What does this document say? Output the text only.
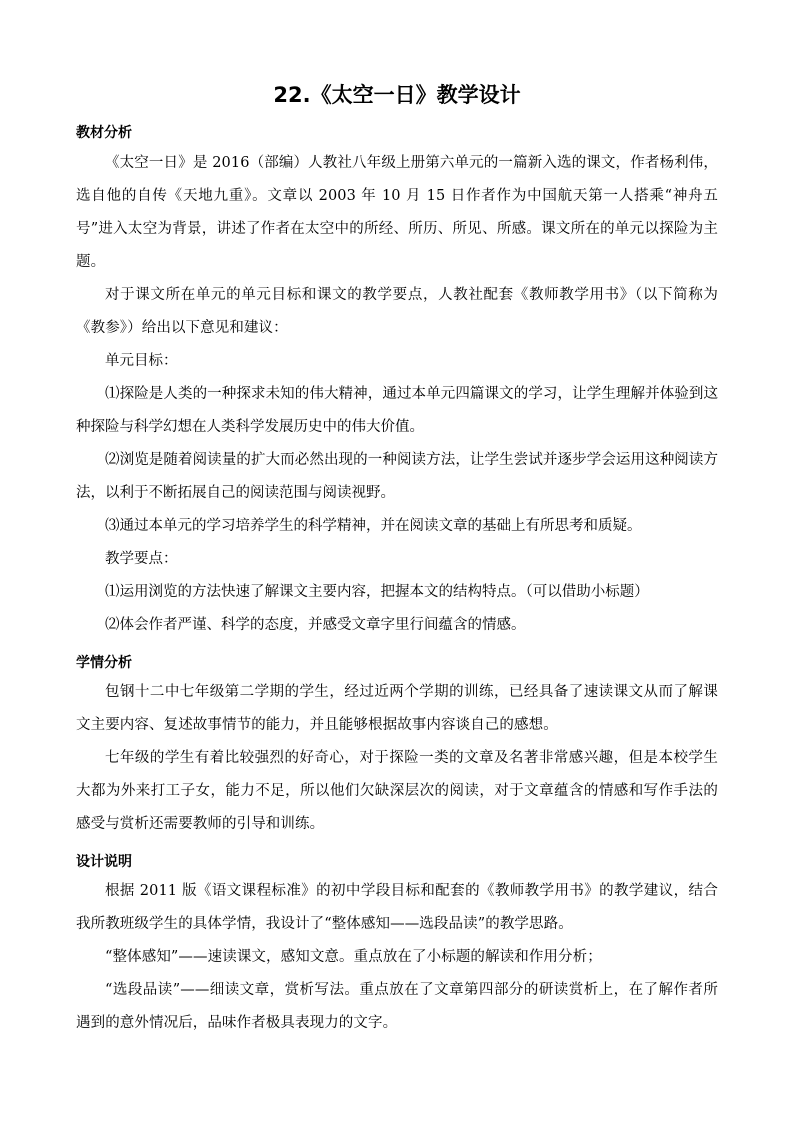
22.《太空一日》教学设计
教材分析

《太空一日》是 2016（部编）人教社八年级上册第六单元的一篇新入选的课文，作者杨利伟，选自他的自传《天地九重》。文章以 2003 年 10 月 15 日作者作为中国航天第一人搭乘“神舟五号”进入太空为背景，讲述了作者在太空中的所经、所历、所见、所感。课文所在的单元以探险为主题。

对于课文所在单元的单元目标和课文的教学要点，人教社配套《教师教学用书》（以下简称为《教参》）给出以下意见和建议：

单元目标：

⑴探险是人类的一种探求未知的伟大精神，通过本单元四篇课文的学习，让学生理解并体验到这种探险与科学幻想在人类科学发展历史中的伟大价值。

⑵浏览是随着阅读量的扩大而必然出现的一种阅读方法，让学生尝试并逐步学会运用这种阅读方法，以利于不断拓展自己的阅读范围与阅读视野。

⑶通过本单元的学习培养学生的科学精神，并在阅读文章的基础上有所思考和质疑。

教学要点：

⑴运用浏览的方法快速了解课文主要内容，把握本文的结构特点。（可以借助小标题）

⑵体会作者严谨、科学的态度，并感受文章字里行间蕴含的情感。

学情分析

包钢十二中七年级第二学期的学生，经过近两个学期的训练，已经具备了速读课文从而了解课文主要内容、复述故事情节的能力，并且能够根据故事内容谈自己的感想。

七年级的学生有着比较强烈的好奇心，对于探险一类的文章及名著非常感兴趣，但是本校学生大都为外来打工子女，能力不足，所以他们欠缺深层次的阅读，对于文章蕴含的情感和写作手法的感受与赏析还需要教师的引导和训练。

设计说明

根据 2011 版《语文课程标准》的初中学段目标和配套的《教师教学用书》的教学建议，结合我所教班级学生的具体学情，我设计了“整体感知——选段品读”的教学思路。

“整体感知”——速读课文，感知文意。重点放在了小标题的解读和作用分析；

“选段品读”——细读文章，赏析写法。重点放在了文章第四部分的研读赏析上，在了解作者所遇到的意外情况后，品味作者极具表现力的文字。
